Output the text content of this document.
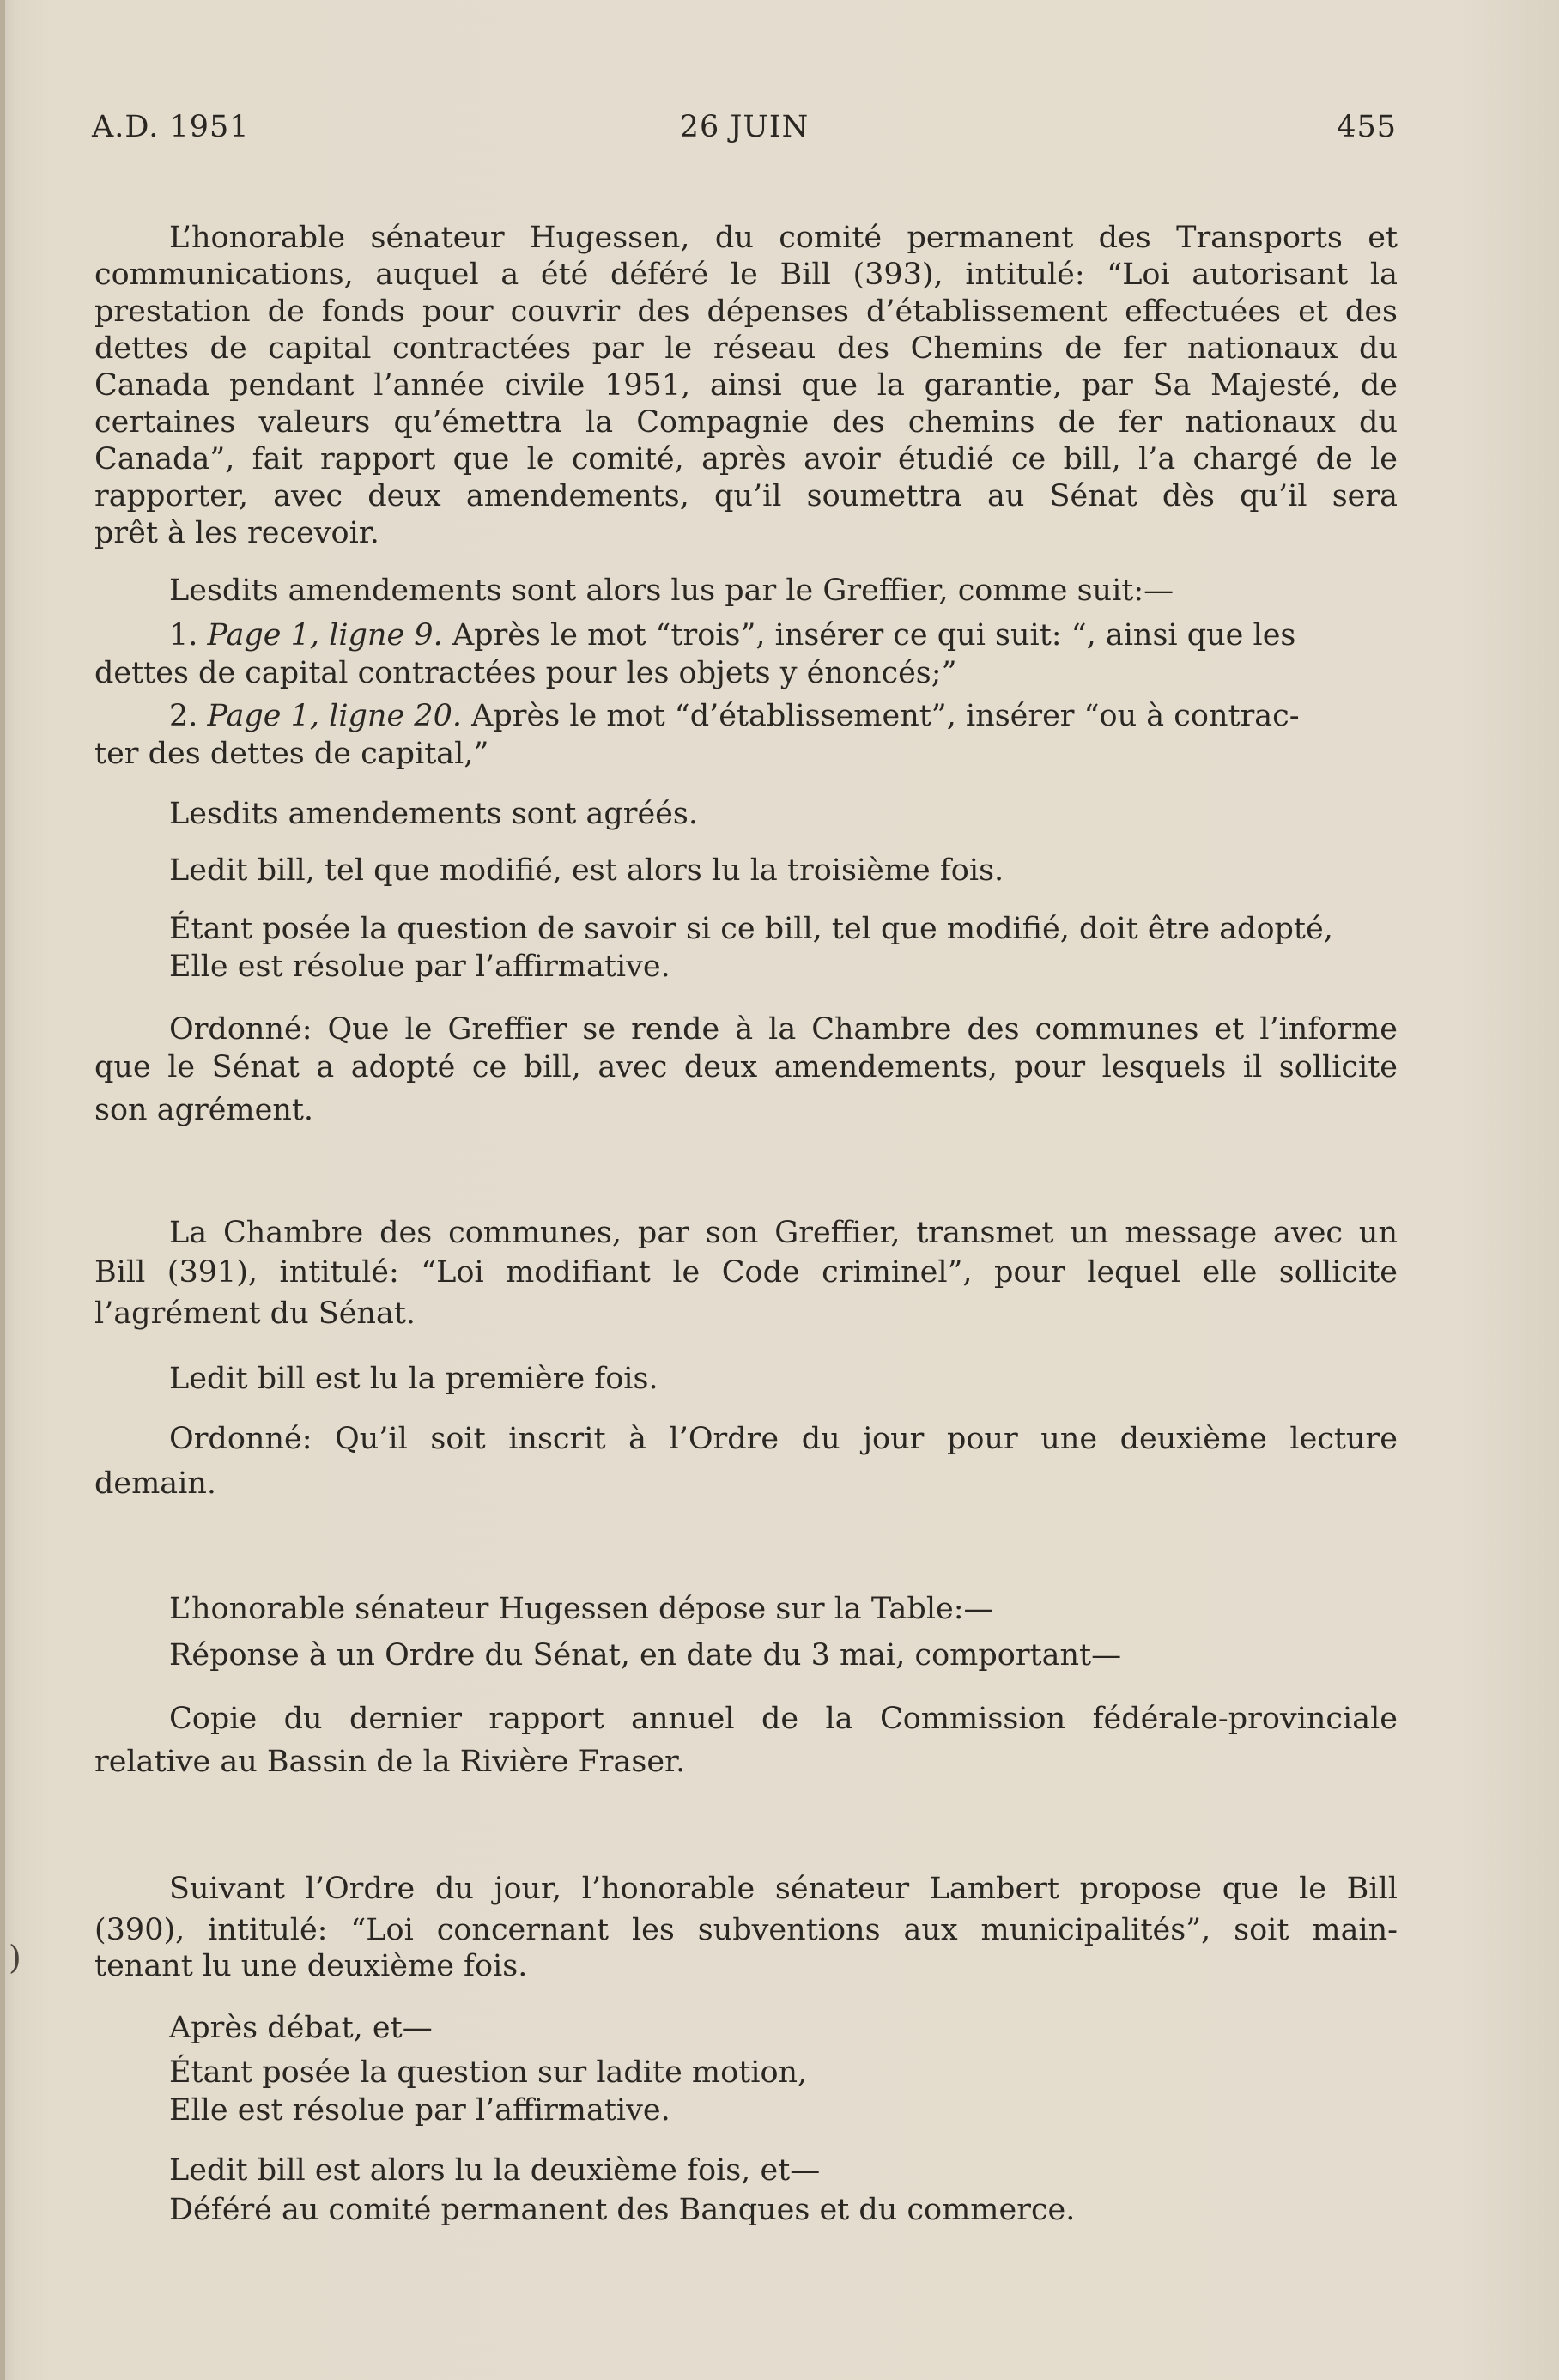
A.D. 1951	26 JUIN	455
L’honorable sénateur Hugessen, du comité permanent des Transports et
communications, auquel a été déféré le Bill (393), intitulé: “Loi autorisant la
prestation de fonds pour couvrir des dépenses d’établissement effectuées et des
dettes de capital contractées par le réseau des Chemins de fer nationaux du
Canada pendant l’année civile 1951, ainsi que la garantie, par Sa Majesté, de
certaines valeurs qu’émettra la Compagnie des chemins de fer nationaux du
Canada”, fait rapport que le comité, après avoir étudié ce bill, l’a chargé de le
rapporter, avec deux amendements, qu’il soumettra au Sénat dès qu’il sera
prêt à les recevoir.
Lesdits amendements sont alors lus par le Greffier, comme suit:—
1. Page 1, ligne 9. Après le mot “trois”, insérer ce qui suit: “, ainsi que les
dettes de capital contractées pour les objets y énoncés;”
2. Page 1, ligne 20. Après le mot “d’établissement”, insérer “ou à contrac-
ter des dettes de capital,”
Lesdits amendements sont agréés.
Ledit bill, tel que modifié, est alors lu la troisième fois.
Étant posée la question de savoir si ce bill, tel que modifié, doit être adopté,
Elle est résolue par l’affirmative.
Ordonné: Que le Greffier se rende à la Chambre des communes et l’informe
que le Sénat a adopté ce bill, avec deux amendements, pour lesquels il sollicite
son agrément.
La Chambre des communes, par son Greffier, transmet un message avec un
Bill (391), intitulé: “Loi modifiant le Code criminel”, pour lequel elle sollicite
l’agrément du Sénat.
Ledit bill est lu la première fois.
Ordonné: Qu’il soit inscrit à l’Ordre du jour pour une deuxième lecture
demain.
L’honorable sénateur Hugessen dépose sur la Table:—
Réponse à un Ordre du Sénat, en date du 3 mai, comportant—
Copie du dernier rapport annuel de la Commission fédérale-provinciale
relative au Bassin de la Rivière Fraser.
Suivant l’Ordre du jour, l’honorable sénateur Lambert propose que le Bill
(390), intitulé: “Loi concernant les subventions aux municipalités”, soit main-
tenant lu une deuxième fois.
Après débat, et—
Étant posée la question sur ladite motion,
Elle est résolue par l’affirmative.
Ledit bill est alors lu la deuxième fois, et—
Déféré au comité permanent des Banques et du commerce.
)
